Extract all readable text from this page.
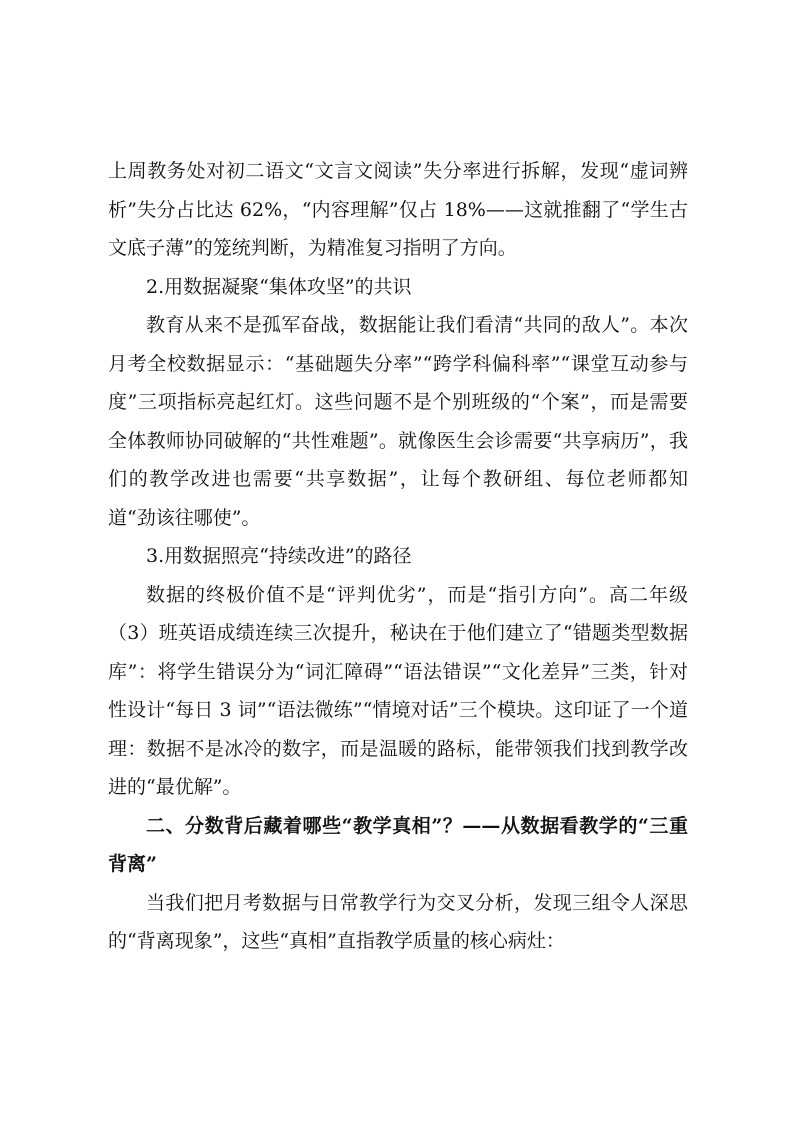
上周教务处对初二语文“文言文阅读”失分率进行拆解，发现“虚词辨析”失分占比达 62%，“内容理解”仅占 18%——这就推翻了“学生古文底子薄”的笼统判断，为精准复习指明了方向。

2.用数据凝聚“集体攻坚”的共识

教育从来不是孤军奋战，数据能让我们看清“共同的敌人”。本次月考全校数据显示：“基础题失分率”“跨学科偏科率”“课堂互动参与度”三项指标亮起红灯。这些问题不是个别班级的“个案”，而是需要全体教师协同破解的“共性难题”。就像医生会诊需要“共享病历”，我们的教学改进也需要“共享数据”，让每个教研组、每位老师都知道“劲该往哪使”。

3.用数据照亮“持续改进”的路径

数据的终极价值不是“评判优劣”，而是“指引方向”。高二年级（3）班英语成绩连续三次提升，秘诀在于他们建立了“错题类型数据库”：将学生错误分为“词汇障碍”“语法错误”“文化差异”三类，针对性设计“每日 3 词”“语法微练”“情境对话”三个模块。这印证了一个道理：数据不是冰冷的数字，而是温暖的路标，能带领我们找到教学改进的“最优解”。

二、分数背后藏着哪些“教学真相”？——从数据看教学的“三重背离”

当我们把月考数据与日常教学行为交叉分析，发现三组令人深思的“背离现象”，这些“真相”直指教学质量的核心病灶：
